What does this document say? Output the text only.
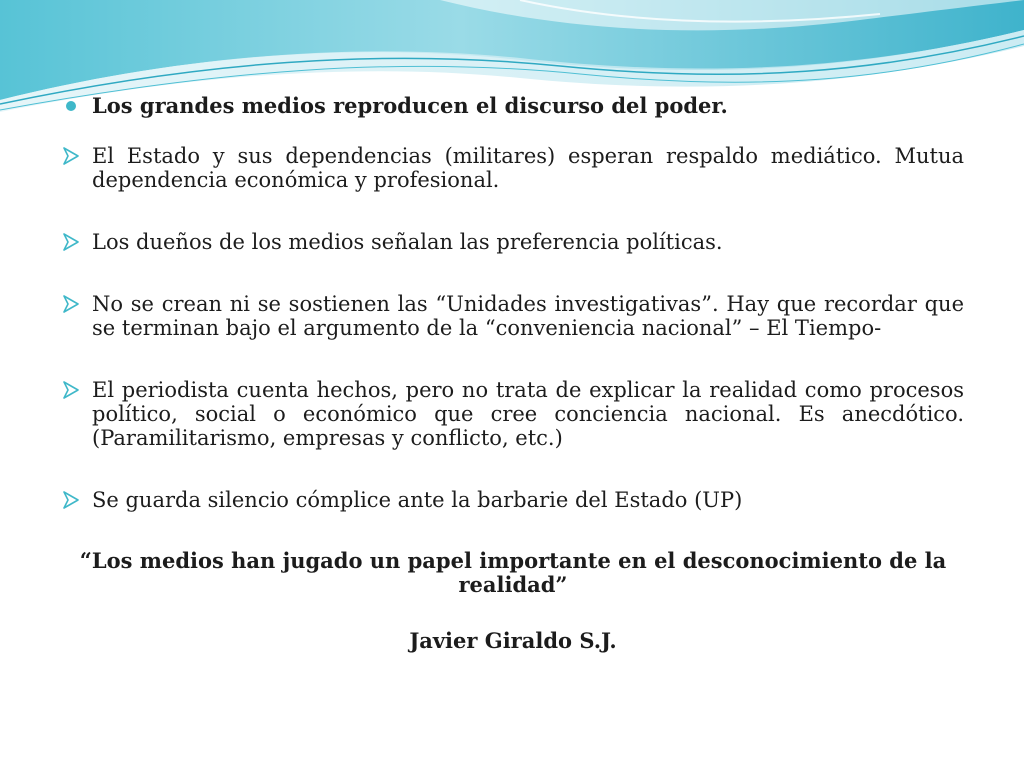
Los grandes medios reproducen el discurso del poder.
El Estado y sus dependencias (militares) esperan respaldo mediático. Mutua dependencia económica y profesional.
Los dueños de los medios señalan las preferencia políticas.
No se crean ni se sostienen las “Unidades investigativas”. Hay que recordar que se terminan bajo el argumento de la “conveniencia nacional” – El Tiempo-
El periodista cuenta hechos, pero no trata de explicar la realidad como procesos político, social o económico que cree conciencia nacional. Es anecdótico. (Paramilitarismo, empresas y conflicto, etc.)
Se guarda silencio cómplice ante la barbarie del Estado (UP)
“Los medios han jugado un papel importante en el desconocimiento de la realidad”
Javier Giraldo S.J.
